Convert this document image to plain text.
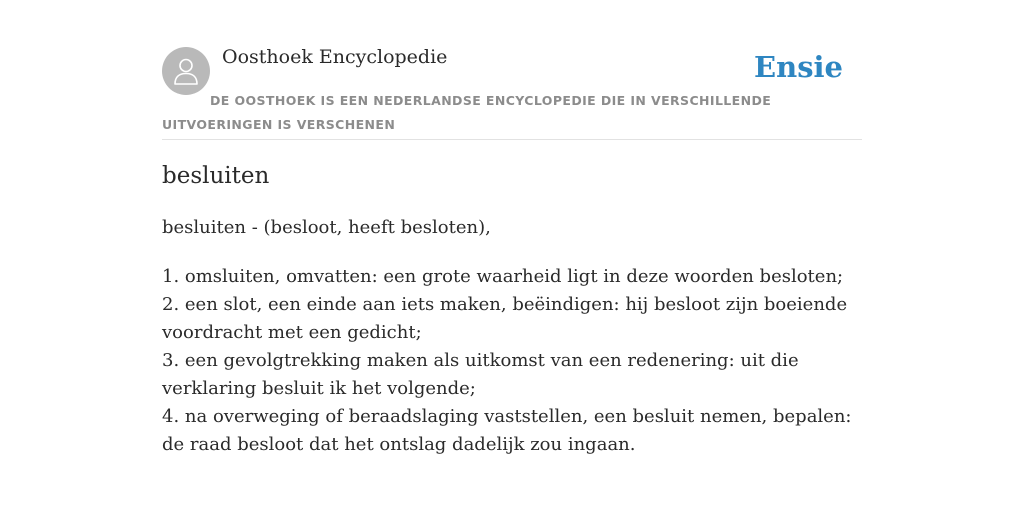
Oosthoek Encyclopedie	Ensie
DE OOSTHOEK IS EEN NEDERLANDSE ENCYCLOPEDIE DIE IN VERSCHILLENDE UITVOERINGEN IS VERSCHENEN
besluiten
besluiten - (besloot, heeft besloten),
1. omsluiten, omvatten: een grote waarheid ligt in deze woorden besloten;
2. een slot, een einde aan iets maken, beëindigen: hij besloot zijn boeiende voordracht met een gedicht;
3. een gevolgtrekking maken als uitkomst van een redenering: uit die verklaring besluit ik het volgende;
4. na overweging of beraadslaging vaststellen, een besluit nemen, bepalen: de raad besloot dat het ontslag dadelijk zou ingaan.
